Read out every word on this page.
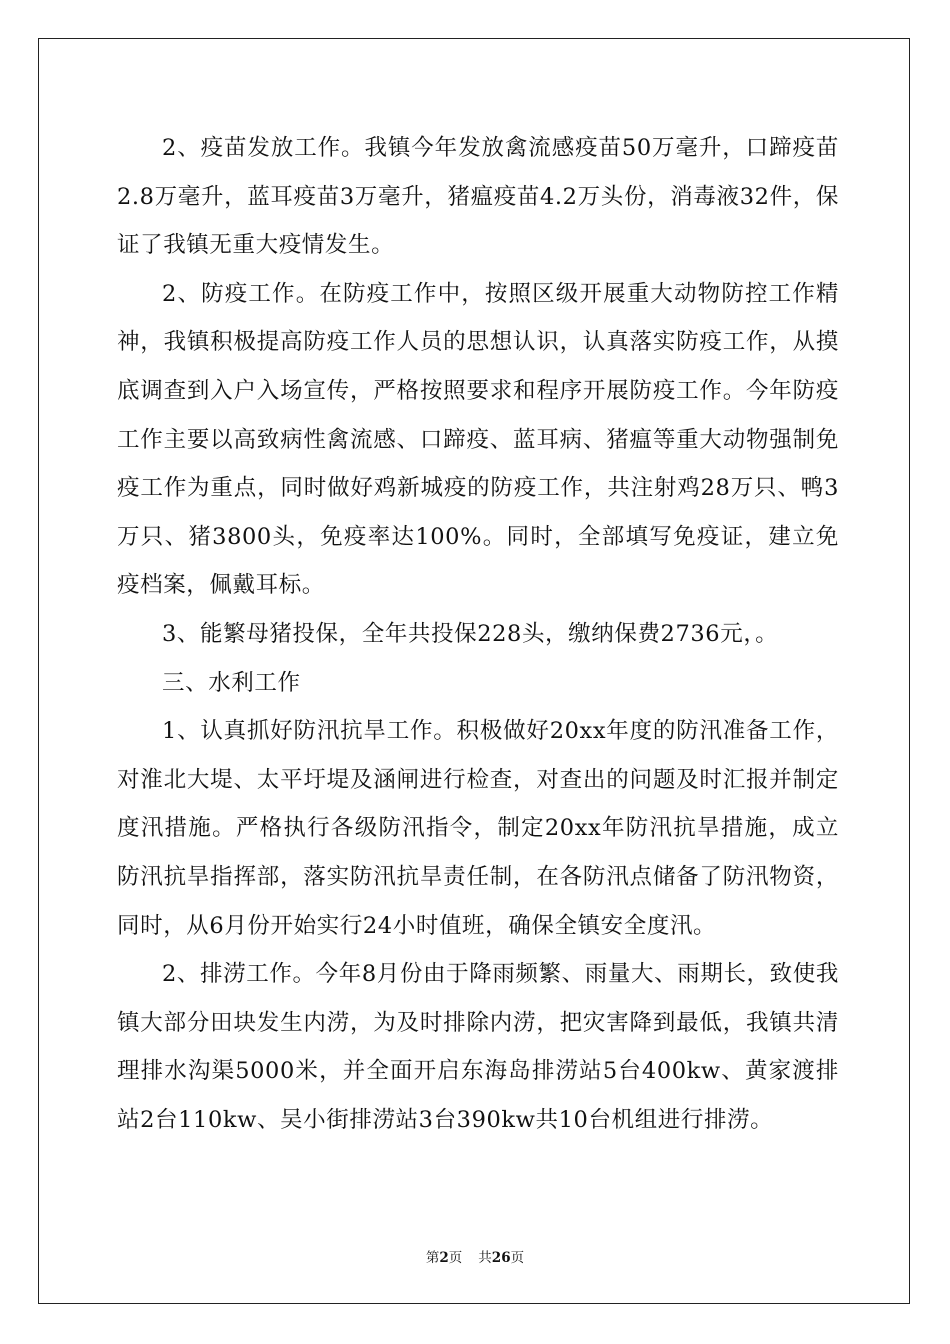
2、疫苗发放工作。我镇今年发放禽流感疫苗50万毫升，口蹄疫苗2.8万毫升，蓝耳疫苗3万毫升，猪瘟疫苗4.2万头份，消毒液32件，保证了我镇无重大疫情发生。

2、防疫工作。在防疫工作中，按照区级开展重大动物防控工作精神，我镇积极提高防疫工作人员的思想认识，认真落实防疫工作，从摸底调查到入户入场宣传，严格按照要求和程序开展防疫工作。今年防疫工作主要以高致病性禽流感、口蹄疫、蓝耳病、猪瘟等重大动物强制免疫工作为重点，同时做好鸡新城疫的防疫工作，共注射鸡28万只、鸭3万只、猪3800头，免疫率达100%。同时，全部填写免疫证，建立免疫档案，佩戴耳标。

3、能繁母猪投保，全年共投保228头，缴纳保费2736元，。

三、水利工作

1、认真抓好防汛抗旱工作。积极做好20xx年度的防汛准备工作，对淮北大堤、太平圩堤及涵闸进行检查，对查出的问题及时汇报并制定度汛措施。严格执行各级防汛指令，制定20xx年防汛抗旱措施，成立防汛抗旱指挥部，落实防汛抗旱责任制，在各防汛点储备了防汛物资，同时，从6月份开始实行24小时值班，确保全镇安全度汛。

2、排涝工作。今年8月份由于降雨频繁、雨量大、雨期长，致使我镇大部分田块发生内涝，为及时排除内涝，把灾害降到最低，我镇共清理排水沟渠5000米，并全面开启东海岛排涝站5台400kw、黄家渡排站2台110kw、吴小街排涝站3台390kw共10台机组进行排涝。

第2页 共26页
